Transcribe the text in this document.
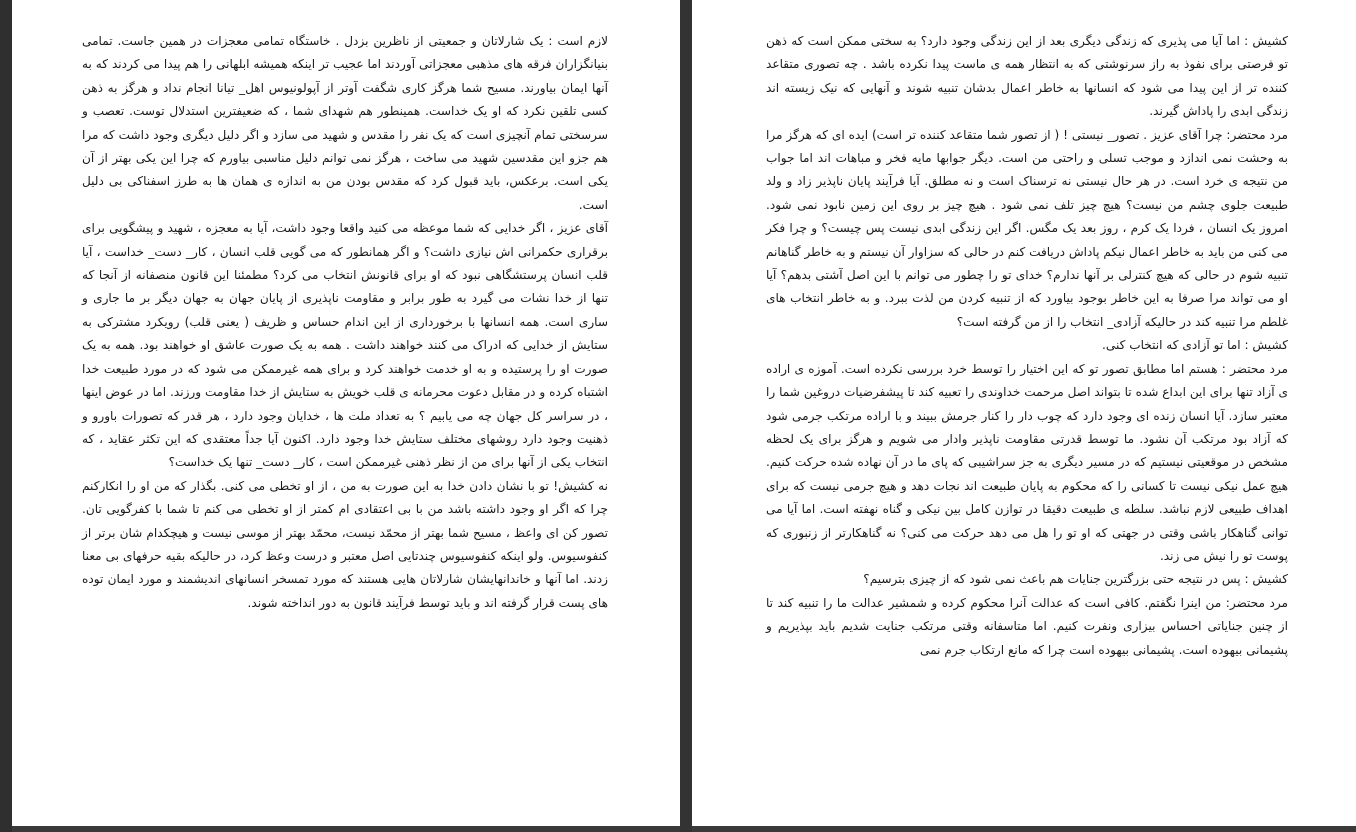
لازم است : یک شارلاتان و جمعیتی از ناظرین بزدل . خاستگاه تمامی معجزات در همین جاست. تمامی بنیانگزاران فرقه های مذهبی معجزاتی آوردند اما عجیب تر اینکه همیشه ابلهانی را هم پیدا می کردند که به آنها ایمان بیاورند. مسیح شما هرگز کاری شگفت آوتر از آپولونیوس اهل_ تیانا انجام نداد و هرگز به ذهن کسی تلقین نکرد که او یک خداست. همینطور هم شهدای شما ، که ضعیفترین استدلال توست. تعصب و سرسختی تمام آنچیزی است که یک نفر را مقدس و شهید می سازد و اگر دلیل دیگری وجود داشت که مرا هم جزو این مقدسین شهید می ساخت ، هرگز نمی توانم دلیل مناسبی بیاورم که چرا این یکی بهتر از آن یکی است. برعکس، باید قبول کرد که مقدس بودن من به اندازه ی همان ها به طرز اسفناکی بی دلیل است.

آقای عزیز ، اگر خدایی که شما موعظه می کنید واقعا وجود داشت، آیا به معجزه ، شهید و پیشگویی برای برقراری حکمرانی اش نیازی داشت؟ و اگر همانطور که می گویی قلب انسان ، کار_ دست_ خداست ، آیا قلب انسان پرستشگاهی نبود که او برای قانونش انتخاب می کرد؟ مطمئنا این قانون منصفانه از آنجا که تنها از خدا نشات می گیرد به طور برابر و مقاومت ناپذیری از پایان جهان به جهان دیگر بر ما جاری و ساری است. همه انسانها با برخورداری از این اندام حساس و ظریف ( یعنی قلب) رویکرد مشترکی به ستایش از خدایی که ادراک می کنند خواهند داشت . همه به یک صورت عاشق او خواهند بود. همه به یک صورت او را پرستیده و به او خدمت خواهند کرد و برای همه غیرممکن می شود که در مورد طبیعت خدا اشتباه کرده و در مقابل دعوت محرمانه ی قلب خویش به ستایش از خدا مقاومت ورزند. اما در عوض اینها ، در سراسر کل جهان چه می یابیم ؟ به تعداد ملت ها ، خدایان وجود دارد ، هر قدر که تصورات باورو و ذهنیت وجود دارد روشهای مختلف ستایش خدا وجود دارد. اکنون آیا جداً معتقدی که این تکثر عقاید ، که انتخاب یکی از آنها برای من از نظر ذهنی غیرممکن است ، کار_ دست_ تنها یک خداست؟

نه کشیش! تو با نشان دادن خدا به این صورت به من ، از او تخطی می کنی. بگذار که من او را انکارکنم چرا که اگر او وجود داشته باشد من با بی اعتقادی ام کمتر از او تخطی می کنم تا شما با کفرگویی تان. تصور کن ای واعظ ، مسیح شما بهتر از محمّد نیست، محمّد بهتر از موسی نیست و هیچکدام شان برتر از کنفوسیوس. ولو اینکه کنفوسیوس چندتایی اصل معتبر و درست وعظ کرد، در حالیکه بقیه حرفهای بی معنا زدند. اما آنها و خاندانهایشان شارلاتان هایی هستند که مورد تمسخر انسانهای اندیشمند و مورد ایمان توده های پست قرار گرفته اند و باید توسط فرآیند قانون به دور انداخته شوند.

کشیش : اما آیا می پذیری که زندگی دیگری بعد از این زندگی وجود دارد؟ به سختی ممکن است که ذهن تو فرصتی برای نفوذ به راز سرنوشتی که به انتظار همه ی ماست پیدا نکرده باشد . چه تصوری متقاعد کننده تر از این پیدا می شود که انسانها به خاطر اعمال بدشان تنبیه شوند و آنهایی که نیک زیسته اند زندگی ابدی را پاداش گیرند.

مرد محتضر: چرا آقای عزیز . تصور_ نیستی ! ( از تصور شما متقاعد کننده تر است) ایده ای که هرگز مرا به وحشت نمی اندازد و موجب تسلی و راحتی من است. دیگر جوابها مایه فخر و مباهات اند اما جواب من نتیجه ی خرد است. در هر حال نیستی نه ترسناک است و نه مطلق. آیا فرآیند پایان ناپذیر زاد و ولد طبیعت جلوی چشم من نیست؟ هیچ چیز تلف نمی شود . هیچ چیز بر روی این زمین نابود نمی شود. امروز یک انسان ، فردا یک کرم ، روز بعد یک مگس. اگر این زندگی ابدی نیست پس چیست؟ و چرا فکر می کنی من باید به خاطر اعمال نیکم پاداش دریافت کنم در حالی که سزاوار آن نیستم و به خاطر گناهانم تنبیه شوم در حالی که هیچ کنترلی بر آنها ندارم؟ خدای تو را چطور می توانم با این اصل آشتی بدهم؟ آیا او می تواند مرا صرفا به این خاطر بوجود بیاورد که از تنبیه کردن من لذت ببرد. و به خاطر انتخاب های غلطم مرا تنبیه کند در حالیکه آزادی_ انتخاب را از من گرفته است؟

کشیش : اما تو آزادی که انتخاب کنی.

مرد محتضر : هستم اما مطابق تصور تو که این اختیار را توسط خرد بررسی نکرده است. آموزه ی اراده ی آزاد تنها برای این ابداع شده تا بتواند اصل مرحمت خداوندی را تعبیه کند تا پیشفرضیات دروغین شما را معتبر سازد. آیا انسان زنده ای وجود دارد که چوب دار را کنار جرمش ببیند و با اراده مرتکب جرمی شود که آزاد بود مرتکب آن نشود. ما توسط قدرتی مقاومت ناپذیر وادار می شویم و هرگز برای یک لحظه مشخص در موقعیتی نیستیم که در مسیر دیگری به جز سراشیبی که پای ما در آن نهاده شده حرکت کنیم. هیچ عمل نیکی نیست تا کسانی را که محکوم به پایان طبیعت اند نجات دهد و هیچ جرمی نیست که برای اهداف طبیعی لازم نباشد. سلطه ی طبیعت دقیقا در توازن کامل بین نیکی و گناه نهفته است. اما آیا می توانی گناهکار باشی وقتی در جهتی که او تو را هل می دهد حرکت می کنی؟ نه گناهکارتر از زنبوری که پوست تو را نیش می زند.

کشیش : پس در نتیجه حتی بزرگترین جنایات هم باعث نمی شود که از چیزی بترسیم؟

مرد محتضر: من اینرا نگفتم. کافی است که عدالت آنرا محکوم کرده و شمشیر عدالت ما را تنبیه کند تا از چنین جنایاتی احساس بیزاری ونفرت کنیم. اما متاسفانه وقتی مرتکب جنایت شدیم باید بپذیریم و پشیمانی بیهوده است. پشیمانی بیهوده است چرا که مانع ارتکاب جرم نمی
